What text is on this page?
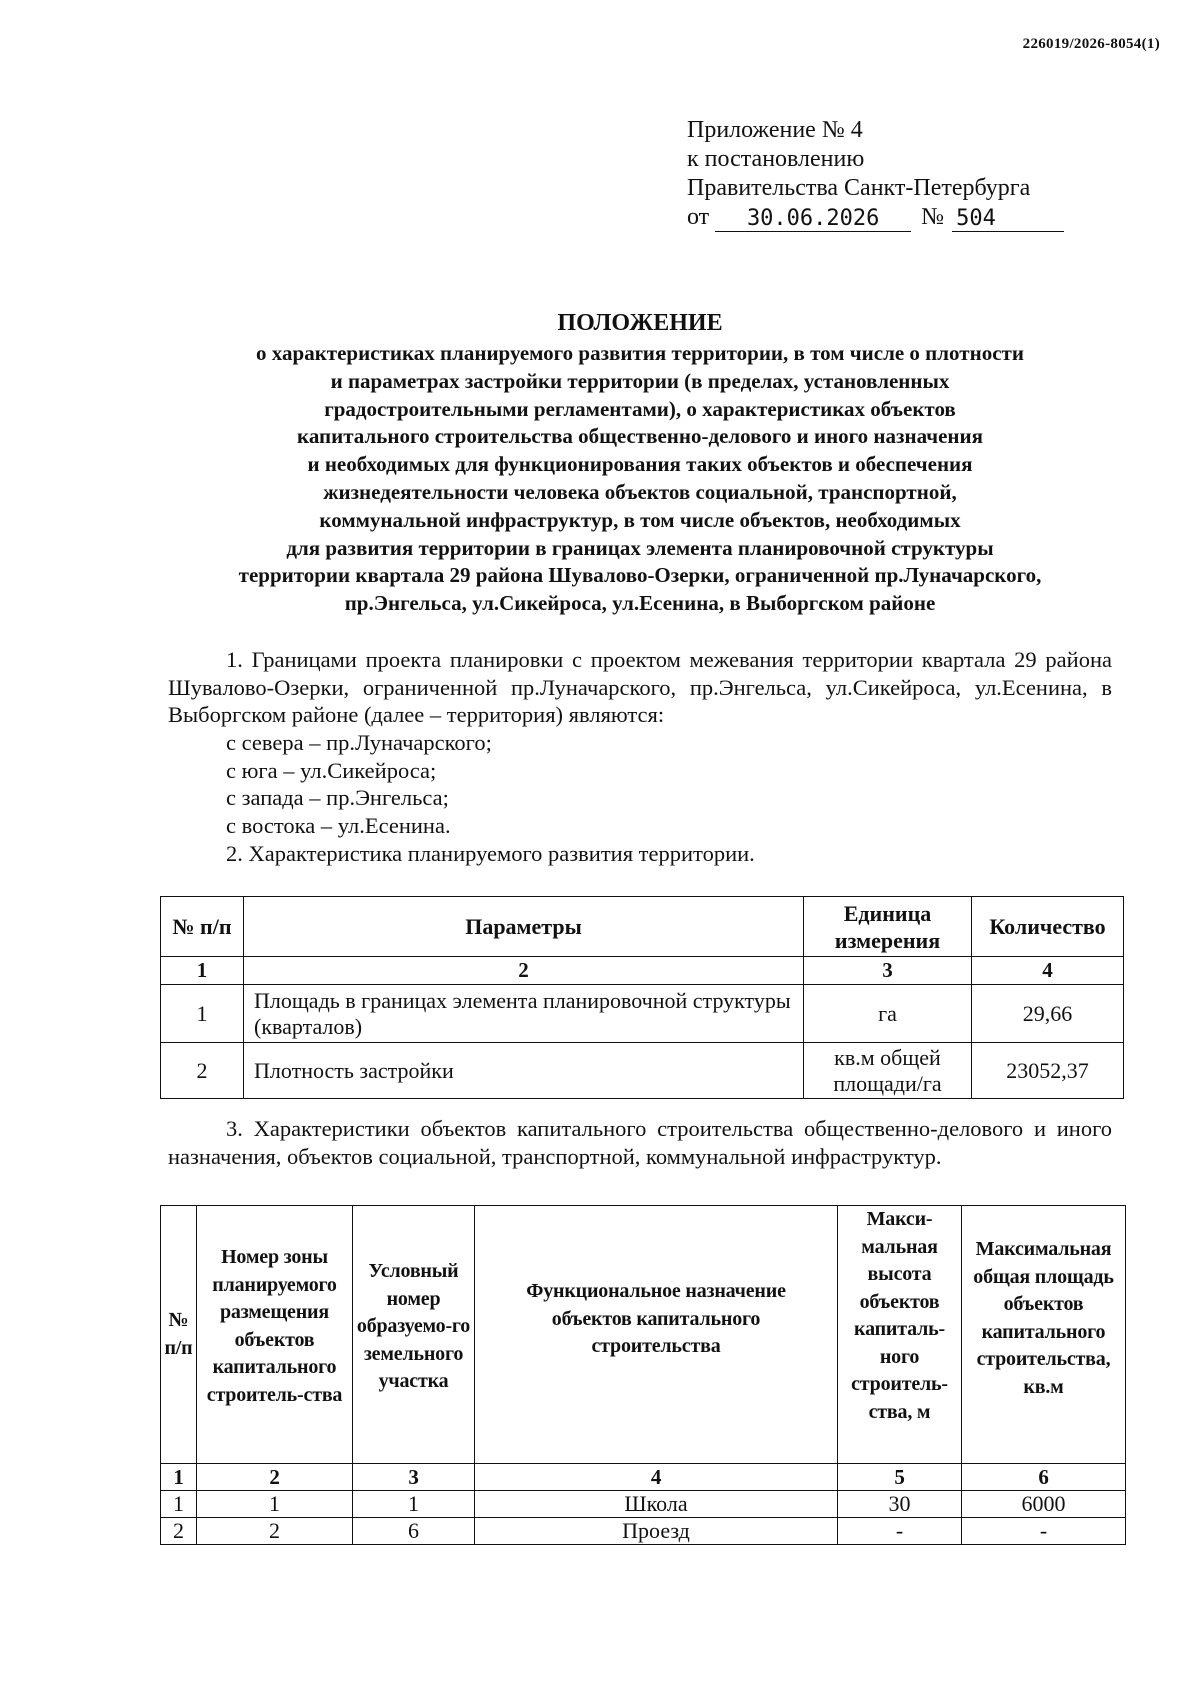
226019/2026-8054(1)
Приложение № 4
к постановлению
Правительства Санкт-Петербурга
от	30.06.2026	№ 504
ПОЛОЖЕНИЕ
о характеристиках планируемого развития территории, в том числе о плотности
и параметрах застройки территории (в пределах, установленных
градостроительными регламентами), о характеристиках объектов
капитального строительства общественно-делового и иного назначения
и необходимых для функционирования таких объектов и обеспечения
жизнедеятельности человека объектов социальной, транспортной,
коммунальной инфраструктур, в том числе объектов, необходимых
для развития территории в границах элемента планировочной структуры
территории квартала 29 района Шувалово-Озерки, ограниченной пр.Луначарского,
пр.Энгельса, ул.Сикейроса, ул.Есенина, в Выборгском районе
1. Границами проекта планировки с проектом межевания территории квартала 29 района Шувалово-Озерки, ограниченной пр.Луначарского, пр.Энгельса, ул.Сикейроса, ул.Есенина, в Выборгском районе (далее – территория) являются:
с севера – пр.Луначарского;
с юга – ул.Сикейроса;
с запада – пр.Энгельса;
с востока – ул.Есенина.
2. Характеристика планируемого развития территории.
№ п/п	Параметры	Единица измерения	Количество
1	2	3	4
1	Площадь в границах элемента планировочной структуры (кварталов)	га	29,66
2	Плотность застройки	кв.м общей площади/га	23052,37
3. Характеристики объектов капитального строительства общественно-делового и иного назначения, объектов социальной, транспортной, коммунальной инфраструктур.
№ п/п	Номер зоны планируемого размещения объектов капитального строитель-ства	Условный номер образуемо-го земельного участка	Функциональное назначение объектов капитального строительства	Макси-мальная высота объектов капиталь-ного строитель-ства, м	Максимальная общая площадь объектов капитального строительства, кв.м
1	2	3	4	5	6
1	1	1	Школа	30	6000
2	2	6	Проезд	-	-
